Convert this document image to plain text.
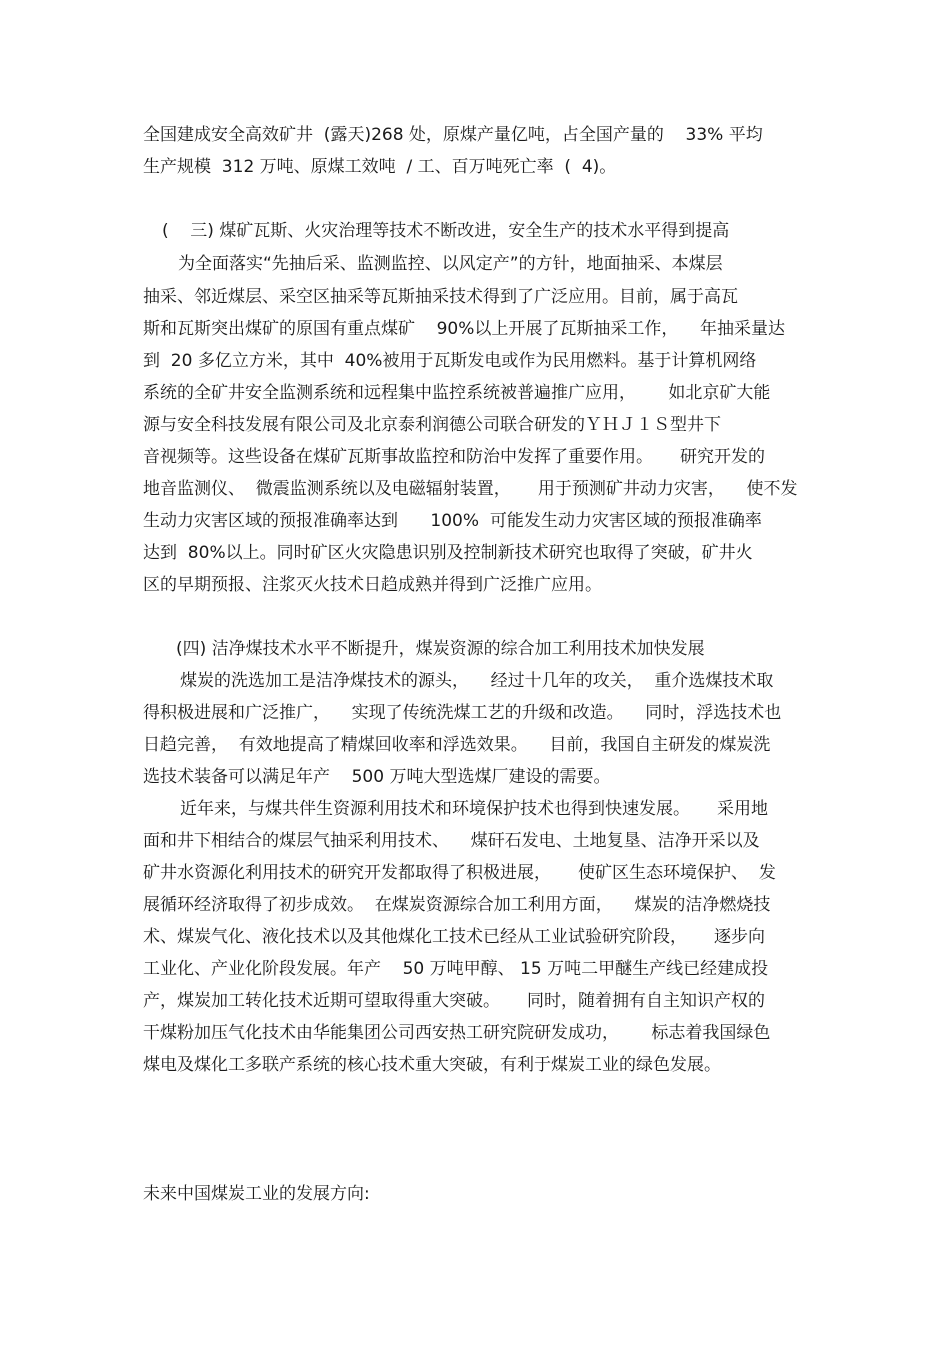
全国建成安全高效矿井  (露天)268 处，原煤产量亿吨，占全国产量的    33% 平均
生产规模  312 万吨、原煤工效吨  / 工、百万吨死亡率  (  4)。
(    三) 煤矿瓦斯、火灾治理等技术不断改进，安全生产的技术水平得到提高
为全面落实“先抽后采、监测监控、以风定产”的方针，地面抽采、本煤层
抽采、邻近煤层、采空区抽采等瓦斯抽采技术得到了广泛应用。目前，属于高瓦
斯和瓦斯突出煤矿的原国有重点煤矿    90%以上开展了瓦斯抽采工作，    年抽采量达
到  20 多亿立方米，其中  40%被用于瓦斯发电或作为民用燃料。基于计算机网络
系统的全矿井安全监测系统和远程集中监控系统被普遍推广应用，      如北京矿大能
源与安全科技发展有限公司及北京泰利润德公司联合研发的ＹＨＪ１Ｓ型井下
音视频等。这些设备在煤矿瓦斯事故监控和防治中发挥了重要作用。     研究开发的
地音监测仪、  微震监测系统以及电磁辐射装置，     用于预测矿井动力灾害，    使不发
生动力灾害区域的预报准确率达到      100%  可能发生动力灾害区域的预报准确率
达到  80%以上。同时矿区火灾隐患识别及控制新技术研究也取得了突破，矿井火
区的早期预报、注浆灭火技术日趋成熟并得到广泛推广应用。
(四) 洁净煤技术水平不断提升，煤炭资源的综合加工利用技术加快发展
煤炭的洗选加工是洁净煤技术的源头，    经过十几年的攻关，  重介选煤技术取
得积极进展和广泛推广，    实现了传统洗煤工艺的升级和改造。    同时，浮选技术也
日趋完善，  有效地提高了精煤回收率和浮选效果。    目前，我国自主研发的煤炭洗
选技术装备可以满足年产    500 万吨大型选煤厂建设的需要。
近年来，与煤共伴生资源利用技术和环境保护技术也得到快速发展。     采用地
面和井下相结合的煤层气抽采利用技术、    煤矸石发电、土地复垦、洁净开采以及
矿井水资源化利用技术的研究开发都取得了积极进展，     使矿区生态环境保护、  发
展循环经济取得了初步成效。  在煤炭资源综合加工利用方面，    煤炭的洁净燃烧技
术、煤炭气化、液化技术以及其他煤化工技术已经从工业试验研究阶段，     逐步向
工业化、产业化阶段发展。年产    50 万吨甲醇、 15 万吨二甲醚生产线已经建成投
产，煤炭加工转化技术近期可望取得重大突破。     同时，随着拥有自主知识产权的
干煤粉加压气化技术由华能集团公司西安热工研究院研发成功，      标志着我国绿色
煤电及煤化工多联产系统的核心技术重大突破，有利于煤炭工业的绿色发展。
未来中国煤炭工业的发展方向:
